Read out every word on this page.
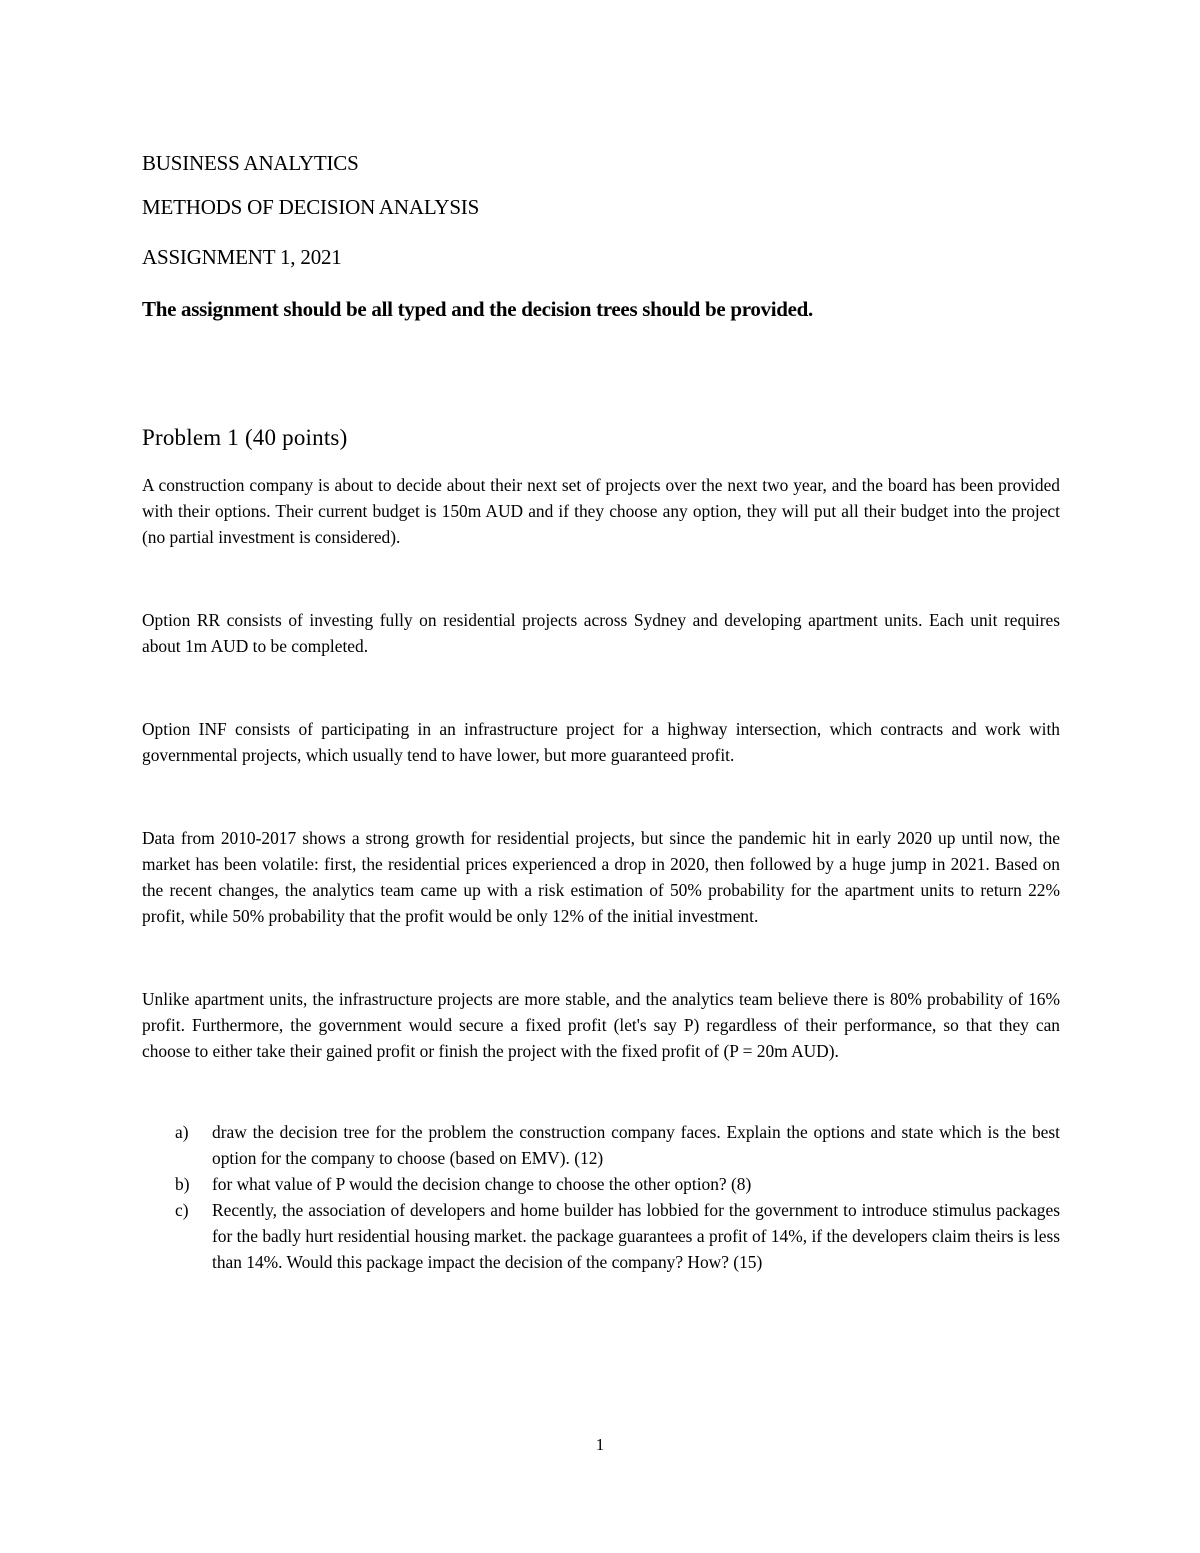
BUSINESS ANALYTICS

METHODS OF DECISION ANALYSIS

ASSIGNMENT 1, 2021

The assignment should be all typed and the decision trees should be provided.

Problem 1 (40 points)

A construction company is about to decide about their next set of projects over the next two year, and the board has been provided with their options. Their current budget is 150m AUD and if they choose any option, they will put all their budget into the project (no partial investment is considered).

Option RR consists of investing fully on residential projects across Sydney and developing apartment units. Each unit requires about 1m AUD to be completed.

Option INF consists of participating in an infrastructure project for a highway intersection, which contracts and work with governmental projects, which usually tend to have lower, but more guaranteed profit.

Data from 2010-2017 shows a strong growth for residential projects, but since the pandemic hit in early 2020 up until now, the market has been volatile: first, the residential prices experienced a drop in 2020, then followed by a huge jump in 2021. Based on the recent changes, the analytics team came up with a risk estimation of 50% probability for the apartment units to return 22% profit, while 50% probability that the profit would be only 12% of the initial investment.

Unlike apartment units, the infrastructure projects are more stable, and the analytics team believe there is 80% probability of 16% profit. Furthermore, the government would secure a fixed profit (let's say P) regardless of their performance, so that they can choose to either take their gained profit or finish the project with the fixed profit of (P = 20m AUD).

a) draw the decision tree for the problem the construction company faces. Explain the options and state which is the best option for the company to choose (based on EMV). (12)
b) for what value of P would the decision change to choose the other option? (8)
c) Recently, the association of developers and home builder has lobbied for the government to introduce stimulus packages for the badly hurt residential housing market. the package guarantees a profit of 14%, if the developers claim theirs is less than 14%. Would this package impact the decision of the company? How? (15)
1
